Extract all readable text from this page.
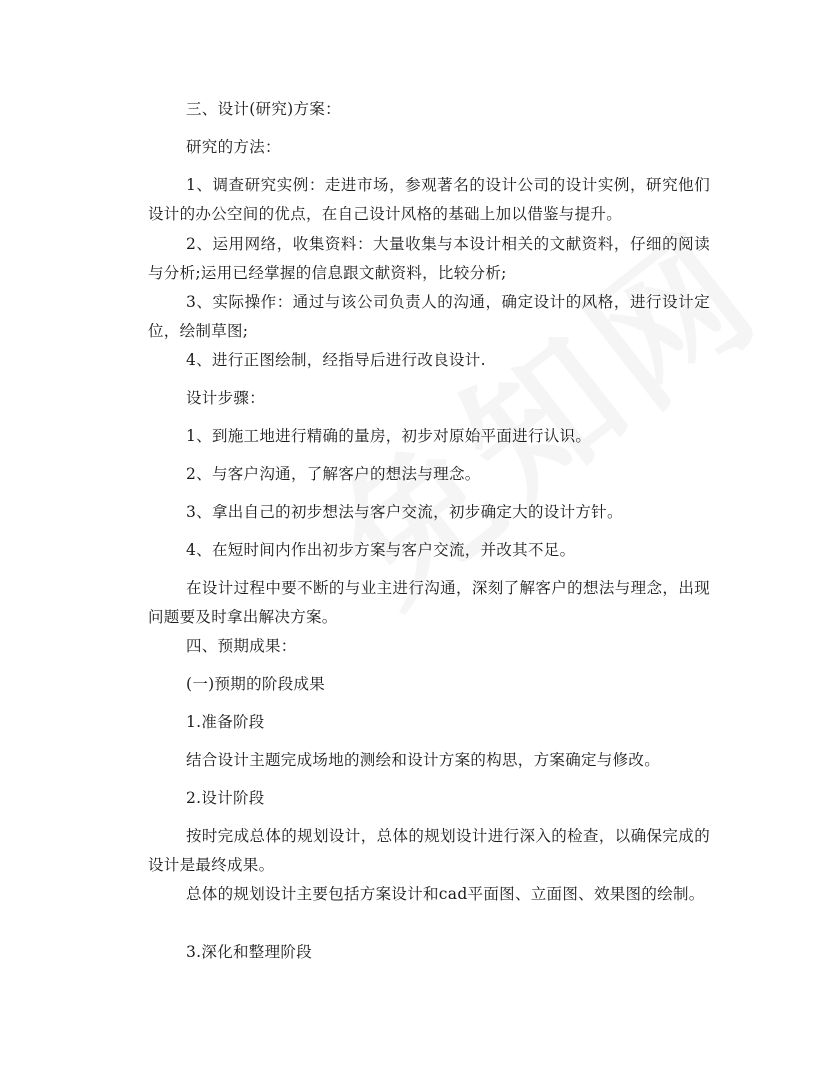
三、设计(研究)方案：

研究的方法：

1、调查研究实例：走进市场，参观著名的设计公司的设计实例，研究他们设计的办公空间的优点，在自己设计风格的基础上加以借鉴与提升。

2、运用网络，收集资料：大量收集与本设计相关的文献资料，仔细的阅读与分析;运用已经掌握的信息跟文献资料，比较分析;

3、实际操作：通过与该公司负责人的沟通，确定设计的风格，进行设计定位，绘制草图;

4、进行正图绘制，经指导后进行改良设计.

设计步骤：

1、到施工地进行精确的量房，初步对原始平面进行认识。

2、与客户沟通，了解客户的想法与理念。

3、拿出自己的初步想法与客户交流，初步确定大的设计方针。

4、在短时间内作出初步方案与客户交流，并改其不足。

在设计过程中要不断的与业主进行沟通，深刻了解客户的想法与理念，出现问题要及时拿出解决方案。

四、预期成果：

(一)预期的阶段成果

1.准备阶段

结合设计主题完成场地的测绘和设计方案的构思，方案确定与修改。

2.设计阶段

按时完成总体的规划设计，总体的规划设计进行深入的检查，以确保完成的设计是最终成果。

总体的规划设计主要包括方案设计和cad平面图、立面图、效果图的绘制。

3.深化和整理阶段
